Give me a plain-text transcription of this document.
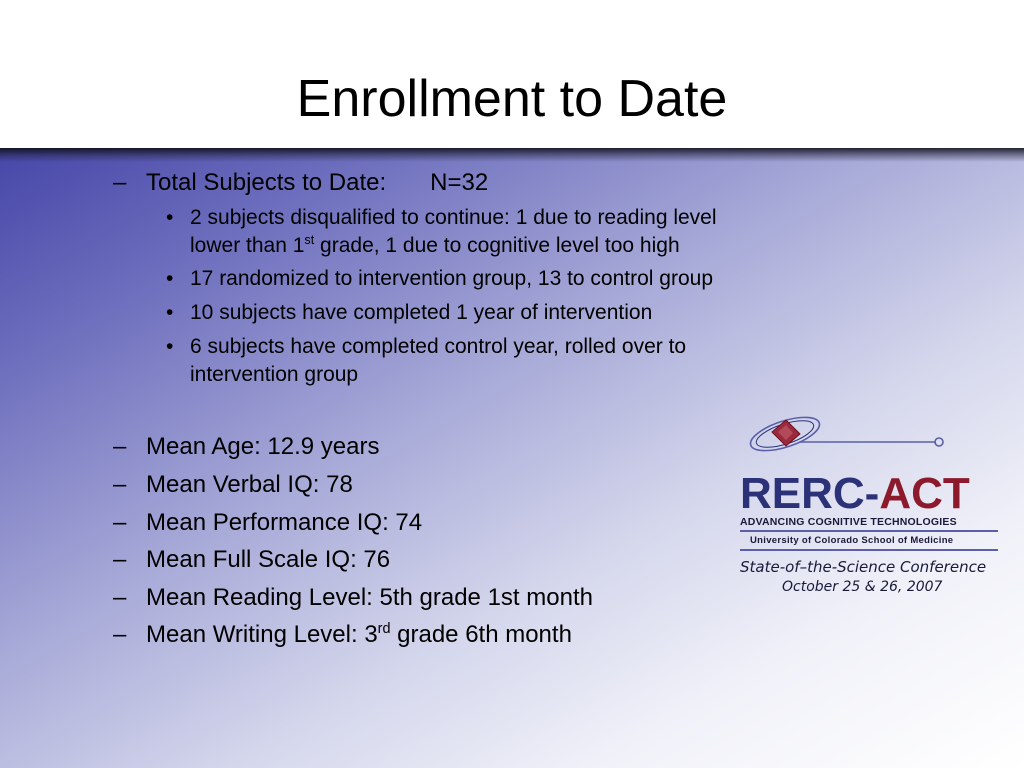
Enrollment to Date
– Total Subjects to Date: N=32
• 2 subjects disqualified to continue: 1 due to reading level
lower than 1st grade, 1 due to cognitive level too high
• 17 randomized to intervention group, 13 to control group
• 10 subjects have completed 1 year of intervention
• 6 subjects have completed control year, rolled over to
intervention group
– Mean Age: 12.9 years
– Mean Verbal IQ: 78
– Mean Performance IQ: 74
– Mean Full Scale IQ: 76
– Mean Reading Level: 5th grade 1st month
– Mean Writing Level: 3rd grade 6th month
RERC-ACT
ADVANCING COGNITIVE TECHNOLOGIES
University of Colorado School of Medicine
State-of–the-Science Conference
October 25 & 26, 2007
